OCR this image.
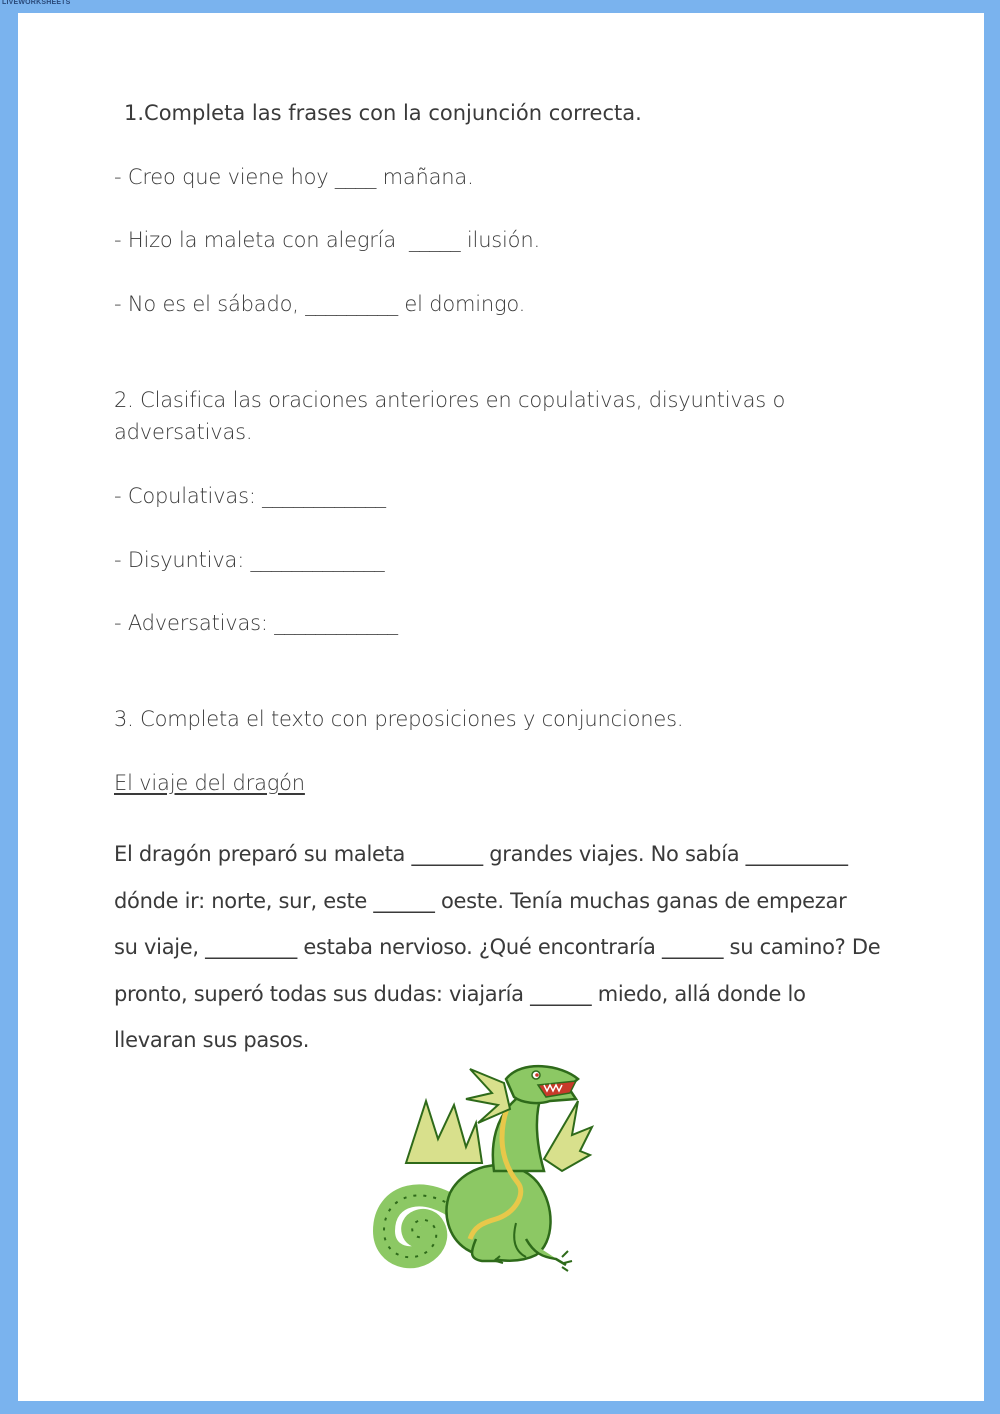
LIVEWORKSHEETS
1.Completa las frases con la conjunción correcta.
- Creo que viene hoy ____ mañana.
- Hizo la maleta con alegría  _____ ilusión.
- No es el sábado, _________ el domingo.
2. Clasifica las oraciones anteriores en copulativas, disyuntivas o
adversativas.
- Copulativas: ____________
- Disyuntiva: _____________
- Adversativas: ____________
3. Completa el texto con preposiciones y conjunciones.
El viaje del dragón
El dragón preparó su maleta _______ grandes viajes. No sabía __________
dónde ir: norte, sur, este ______ oeste. Tenía muchas ganas de empezar
su viaje, _________ estaba nervioso. ¿Qué encontraría ______ su camino? De
pronto, superó todas sus dudas: viajaría ______ miedo, allá donde lo
llevaran sus pasos.
